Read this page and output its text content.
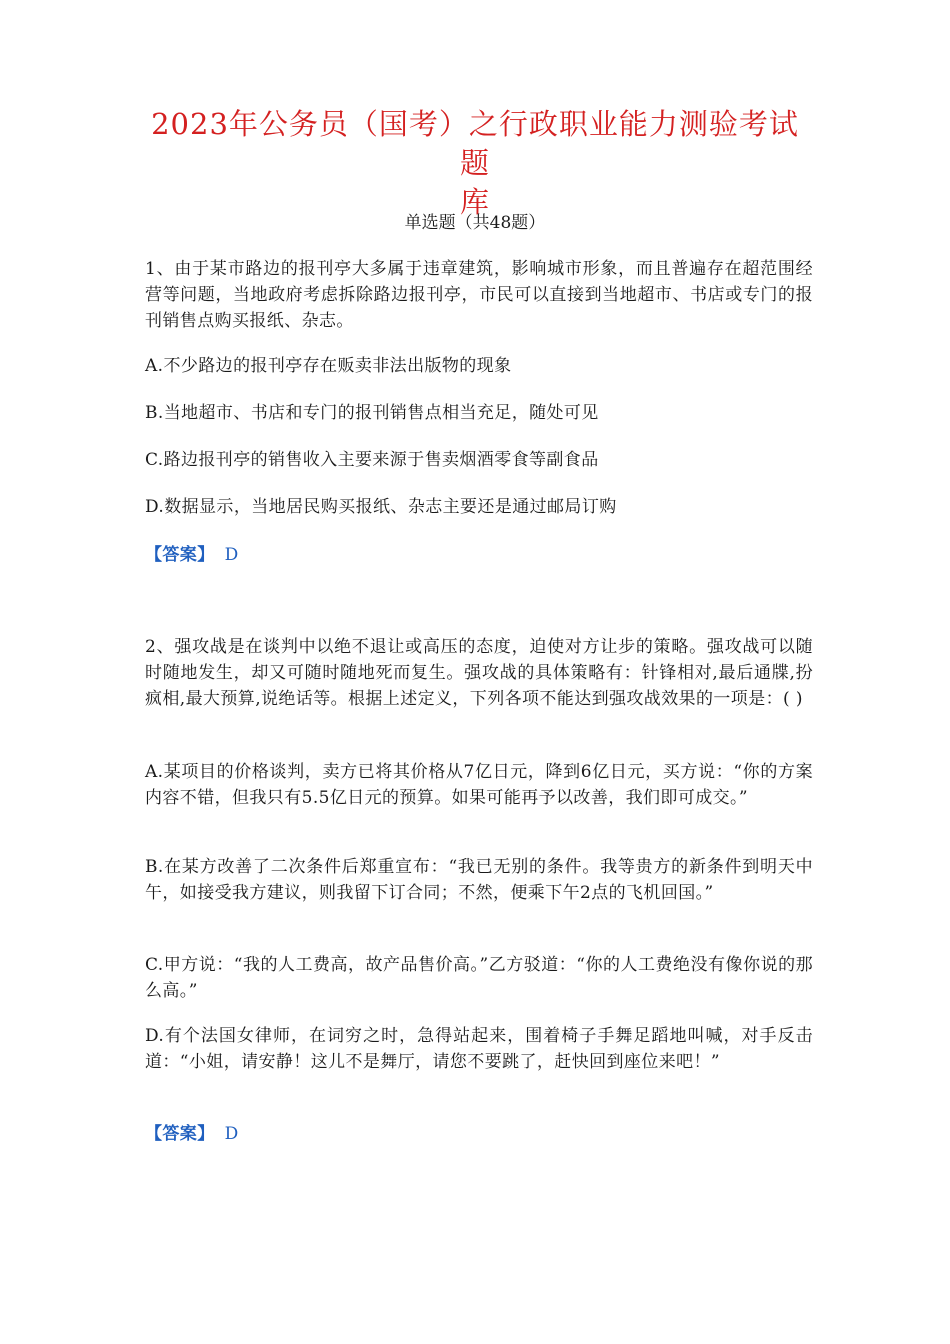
2023年公务员（国考）之行政职业能力测验考试题
库
单选题（共48题）
1、由于某市路边的报刊亭大多属于违章建筑，影响城市形象，而且普遍存在超范围经营等问题，当地政府考虑拆除路边报刊亭，市民可以直接到当地超市、书店或专门的报刊销售点购买报纸、杂志。
A.不少路边的报刊亭存在贩卖非法出版物的现象
B.当地超市、书店和专门的报刊销售点相当充足，随处可见
C.路边报刊亭的销售收入主要来源于售卖烟酒零食等副食品
D.数据显示，当地居民购买报纸、杂志主要还是通过邮局订购
【答案】 D
2、强攻战是在谈判中以绝不退让或高压的态度，迫使对方让步的策略。强攻战可以随时随地发生，却又可随时随地死而复生。强攻战的具体策略有：针锋相对,最后通牒,扮疯相,最大预算,说绝话等。根据上述定义，下列各项不能达到强攻战效果的一项是：( )
A.某项目的价格谈判，卖方已将其价格从7亿日元，降到6亿日元，买方说：“你的方案内容不错，但我只有5.5亿日元的预算。如果可能再予以改善，我们即可成交。”
B.在某方改善了二次条件后郑重宣布：“我已无别的条件。我等贵方的新条件到明天中午，如接受我方建议，则我留下订合同；不然，便乘下午2点的飞机回国。”
C.甲方说：“我的人工费高，故产品售价高。”乙方驳道：“你的人工费绝没有像你说的那么高。”
D.有个法国女律师，在词穷之时，急得站起来，围着椅子手舞足蹈地叫喊，对手反击道：“小姐，请安静！这儿不是舞厅，请您不要跳了，赶快回到座位来吧！”
【答案】 D
